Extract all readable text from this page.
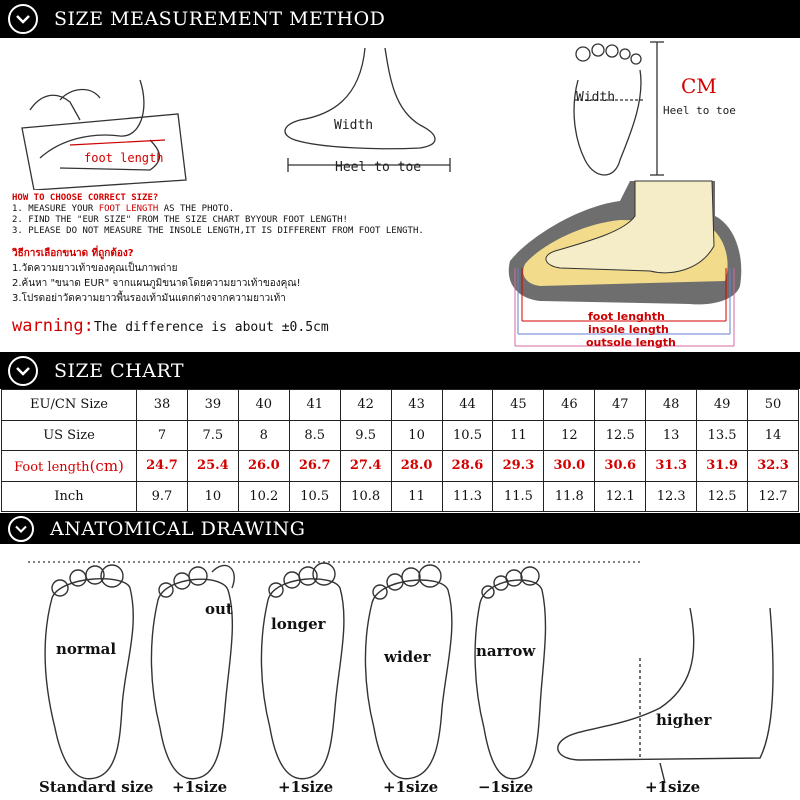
SIZE MEASUREMENT METHOD
foot length
Width
Heel to toe
Width	CM
Heel to toe
HOW TO CHOOSE CORRECT SIZE?
1. MEASURE YOUR FOOT LENGTH AS THE PHOTO.
2. FIND THE "EUR SIZE" FROM THE SIZE CHART BYYOUR FOOT LENGTH!
3. PLEASE DO NOT MEASURE THE INSOLE LENGTH,IT IS DIFFERENT FROM FOOT LENGTH.
วิธีการเลือกขนาด ที่ถูกต้อง?
1.วัดความยาวเท้าของคุณเป็นภาพถ่าย
2.ค้นหา "ขนาด EUR" จากแผนภูมิขนาดโดยความยาวเท้าของคุณ!
3.โปรดอย่าวัดความยาวพื้นรองเท้ามันแตกต่างจากความยาวเท้า
warning:The difference is about ±0.5cm
foot lenghth
insole length
outsole length
SIZE CHART
EU/CN Size	38	39	40	41	42	43	44	45	46	47	48	49	50
US Size	7	7.5	8	8.5	9.5	10	10.5	11	12	12.5	13	13.5	14
Foot length(cm)	24.7	25.4	26.0	26.7	27.4	28.0	28.6	29.3	30.0	30.6	31.3	31.9	32.3
Inch	9.7	10	10.2	10.5	10.8	11	11.3	11.5	11.8	12.1	12.3	12.5	12.7
ANATOMICAL DRAWING
normal
out
longer
wider	narrow
higher
Standard size +1size	+1size	+1size	−1size	+1size
